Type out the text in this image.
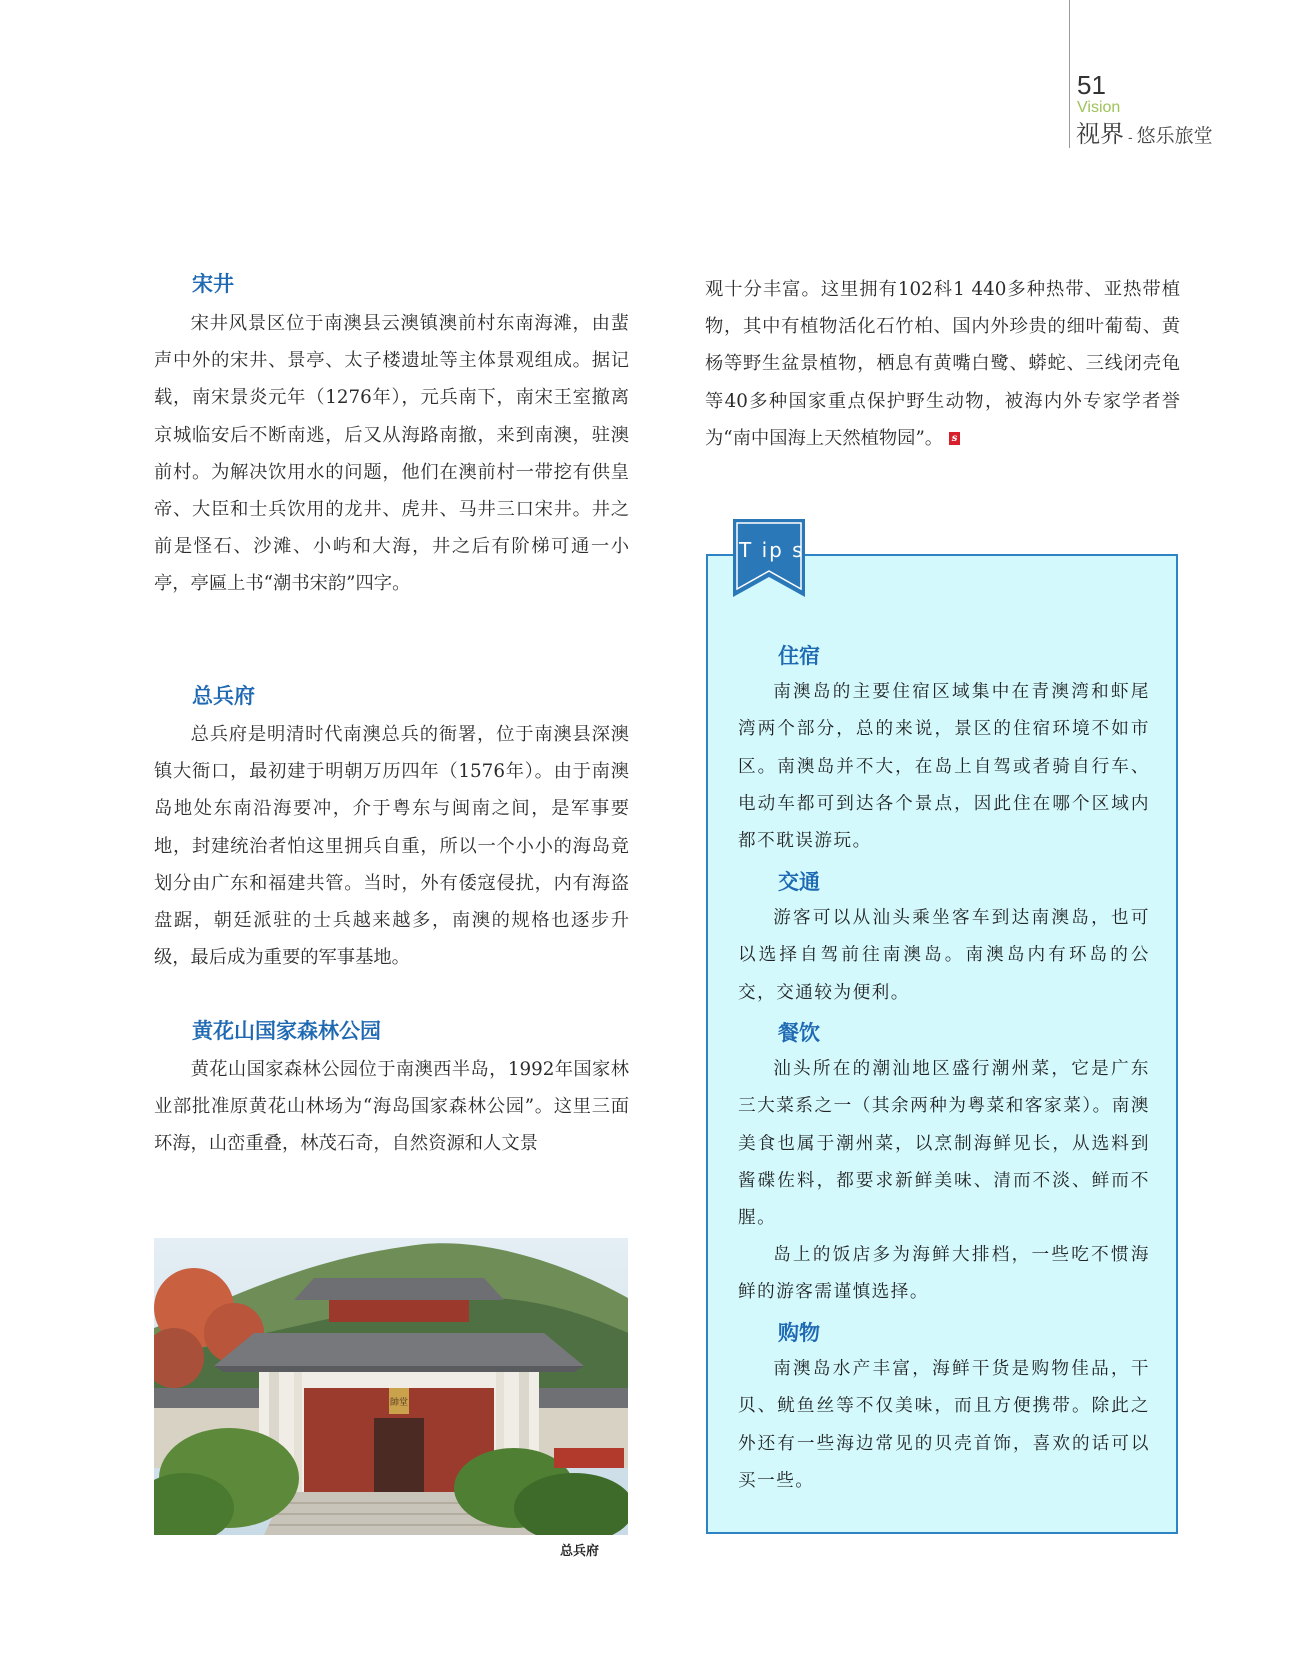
51
Vision
视界 - 悠乐旅堂
宋井

宋井风景区位于南澳县云澳镇澳前村东南海滩，由蜚声中外的宋井、景亭、太子楼遗址等主体景观组成。据记载，南宋景炎元年（1276年），元兵南下，南宋王室撤离京城临安后不断南逃，后又从海路南撤，来到南澳，驻澳前村。为解决饮用水的问题，他们在澳前村一带挖有供皇帝、大臣和士兵饮用的龙井、虎井、马井三口宋井。井之前是怪石、沙滩、小屿和大海，井之后有阶梯可通一小亭，亭匾上书“潮书宋韵”四字。

总兵府

总兵府是明清时代南澳总兵的衙署，位于南澳县深澳镇大衙口，最初建于明朝万历四年（1576年）。由于南澳岛地处东南沿海要冲，介于粤东与闽南之间，是军事要地，封建统治者怕这里拥兵自重，所以一个小小的海岛竟划分由广东和福建共管。当时，外有倭寇侵扰，内有海盗盘踞，朝廷派驻的士兵越来越多，南澳的规格也逐步升级，最后成为重要的军事基地。

黄花山国家森林公园

黄花山国家森林公园位于南澳西半岛，1992年国家林业部批准原黄花山林场为“海岛国家森林公园”。这里三面环海，山峦重叠，林茂石奇，自然资源和人文景

帥堂
总兵府

观十分丰富。这里拥有102科1 440多种热带、亚热带植物，其中有植物活化石竹柏、国内外珍贵的细叶葡萄、黄杨等野生盆景植物，栖息有黄嘴白鹭、蟒蛇、三线闭壳龟等40多种国家重点保护野生动物，被海内外专家学者誉为“南中国海上天然植物园”。 s

T ip s
住宿

南澳岛的主要住宿区域集中在青澳湾和虾尾湾两个部分，总的来说，景区的住宿环境不如市区。南澳岛并不大，在岛上自驾或者骑自行车、电动车都可到达各个景点，因此住在哪个区域内都不耽误游玩。

交通

游客可以从汕头乘坐客车到达南澳岛，也可以选择自驾前往南澳岛。南澳岛内有环岛的公交，交通较为便利。

餐饮

汕头所在的潮汕地区盛行潮州菜，它是广东三大菜系之一（其余两种为粤菜和客家菜）。南澳美食也属于潮州菜，以烹制海鲜见长，从选料到酱碟佐料，都要求新鲜美味、清而不淡、鲜而不腥。

岛上的饭店多为海鲜大排档，一些吃不惯海鲜的游客需谨慎选择。

购物

南澳岛水产丰富，海鲜干货是购物佳品，干贝、鱿鱼丝等不仅美味，而且方便携带。除此之外还有一些海边常见的贝壳首饰，喜欢的话可以买一些。
